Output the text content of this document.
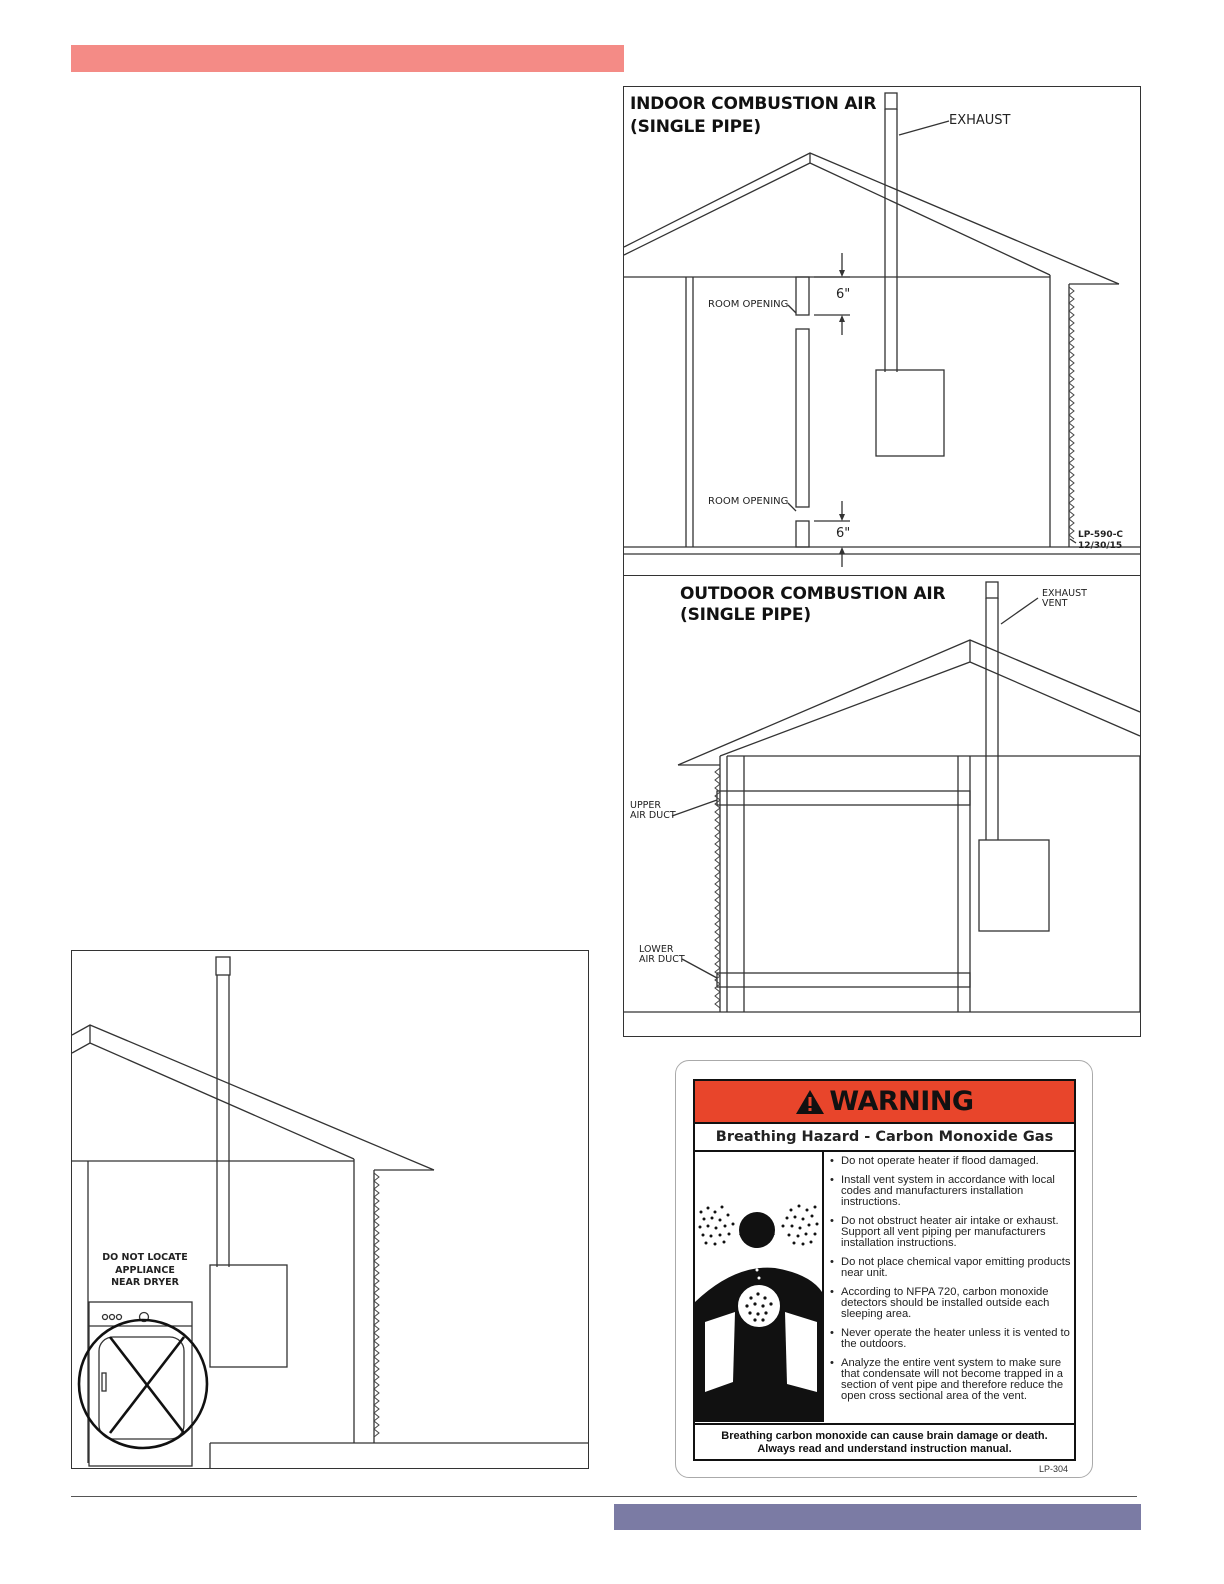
INDOOR COMBUSTION AIR
(SINGLE PIPE)	EXHAUST
ROOM OPENING
ROOM OPENING
6"
6"	LP-590-C
12/30/15
OUTDOOR COMBUSTION AIR
(SINGLE PIPE)
EXHAUST
VENT
UPPER
AIR DUCT
LOWER
AIR DUCT
DO NOT LOCATE
APPLIANCE
NEAR DRYER
WARNING
Breathing Hazard - Carbon Monoxide Gas
• Do not operate heater if flood damaged.
• Install vent system in accordance with local codes and manufacturers installation instructions.
• Do not obstruct heater air intake or exhaust. Support all vent piping per manufacturers installation instructions.
• Do not place chemical vapor emitting products near unit.
• According to NFPA 720, carbon monoxide detectors should be installed outside each sleeping area.
• Never operate the heater unless it is vented to the outdoors.
• Analyze the entire vent system to make sure that condensate will not become trapped in a section of vent pipe and therefore reduce the open cross sectional area of the vent.
Breathing carbon monoxide can cause brain damage or death.
Always read and understand instruction manual.
LP-304
